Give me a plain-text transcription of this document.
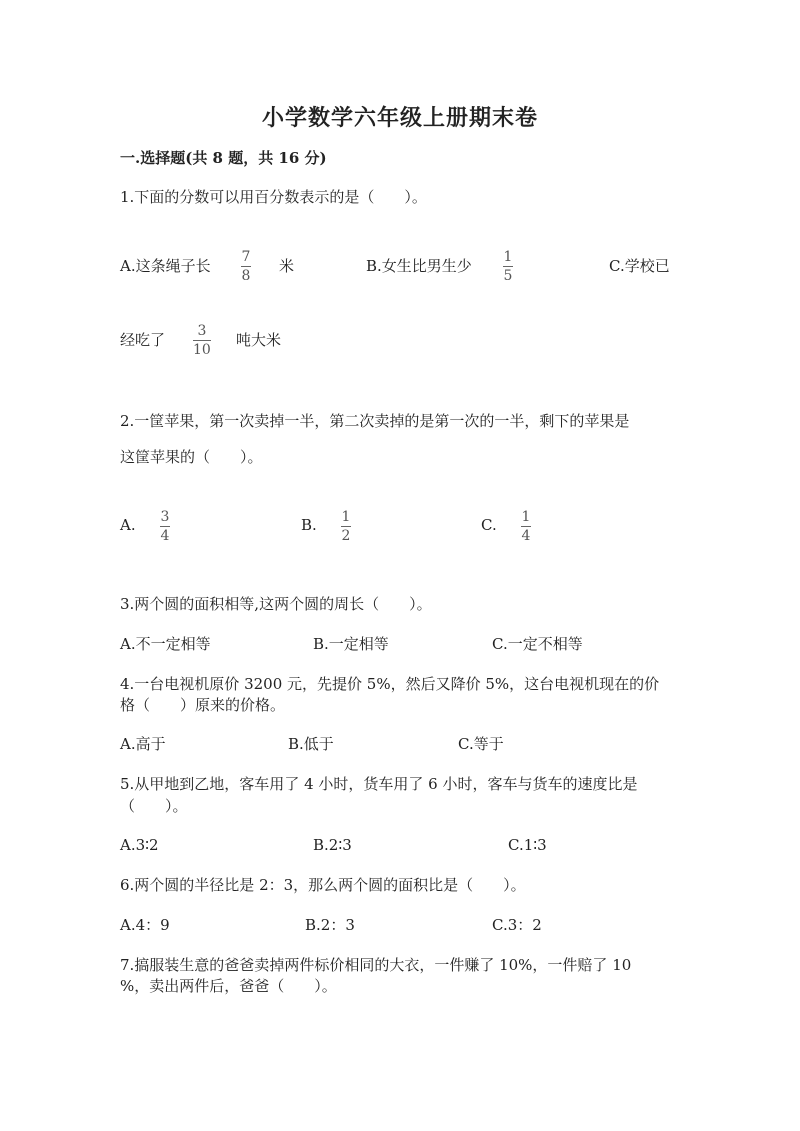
小学数学六年级上册期末卷
一.选择题(共 8 题，共 16 分)
1.下面的分数可以用百分数表示的是（　　）。
A.这条绳子长 7
8
米	B.女生比男生少 1
5
C.学校已
经吃了 3
10
吨大米
2.一筐苹果，第一次卖掉一半，第二次卖掉的是第一次的一半，剩下的苹果是
这筐苹果的（　　）。
A. 3
4
B. 1
2
C. 1
4
3.两个圆的面积相等,这两个圆的周长（　　）。
A.不一定相等	B.一定相等	C.一定不相等
4.一台电视机原价 3200 元，先提价 5%，然后又降价 5%，这台电视机现在的价
格（　　）原来的价格。
A.高于	B.低于	C.等于
5.从甲地到乙地，客车用了 4 小时，货车用了 6 小时，客车与货车的速度比是
（　　）。
A.3∶2	B.2∶3	C.1∶3
6.两个圆的半径比是 2：3，那么两个圆的面积比是（　　）。
A.4：9	B.2：3	C.3：2
7.搞服装生意的爸爸卖掉两件标价相同的大衣，一件赚了 10%，一件赔了 10
%，卖出两件后，爸爸（　　）。
